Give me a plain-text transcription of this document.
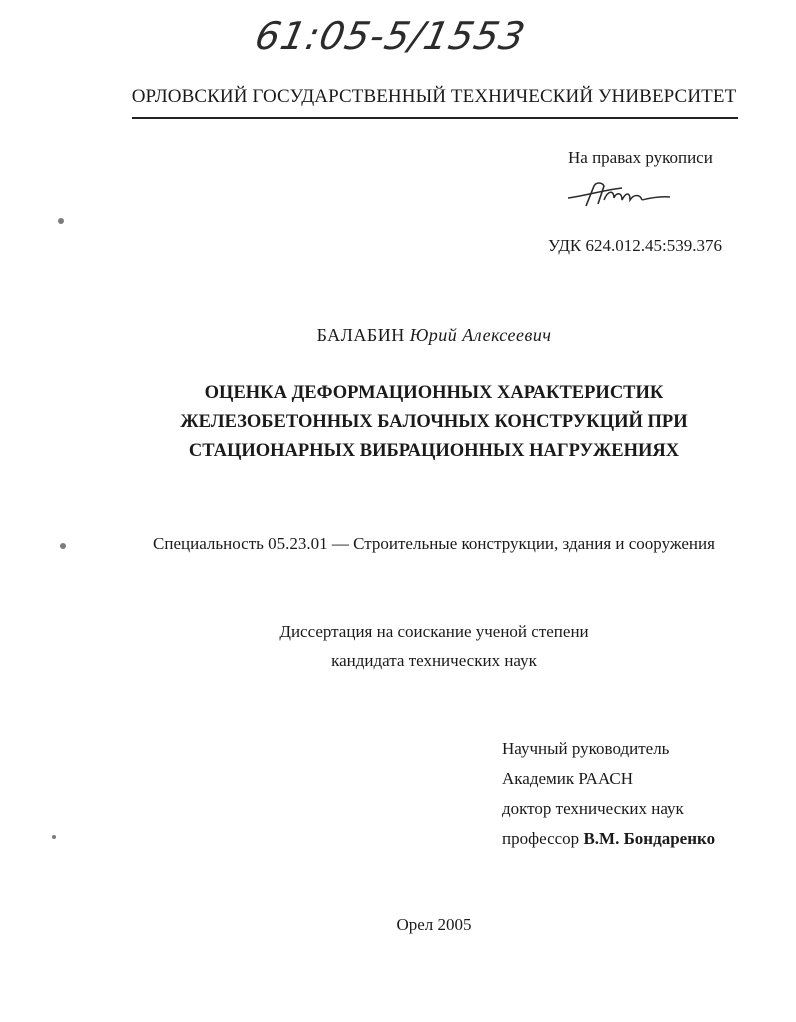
61:05-5/1553
ОРЛОВСКИЙ ГОСУДАРСТВЕННЫЙ ТЕХНИЧЕСКИЙ УНИВЕРСИТЕТ
На правах рукописи
УДК 624.012.45:539.376
БАЛАБИН Юрий Алексеевич
ОЦЕНКА ДЕФОРМАЦИОННЫХ ХАРАКТЕРИСТИК
ЖЕЛЕЗОБЕТОННЫХ БАЛОЧНЫХ КОНСТРУКЦИЙ ПРИ
СТАЦИОНАРНЫХ ВИБРАЦИОННЫХ НАГРУЖЕНИЯХ
Специальность 05.23.01 — Строительные конструкции, здания и сооружения
Диссертация на соискание ученой степени
кандидата технических наук
Научный руководитель
Академик РААСН
доктор технических наук
профессор В.М. Бондаренко
Орел 2005
